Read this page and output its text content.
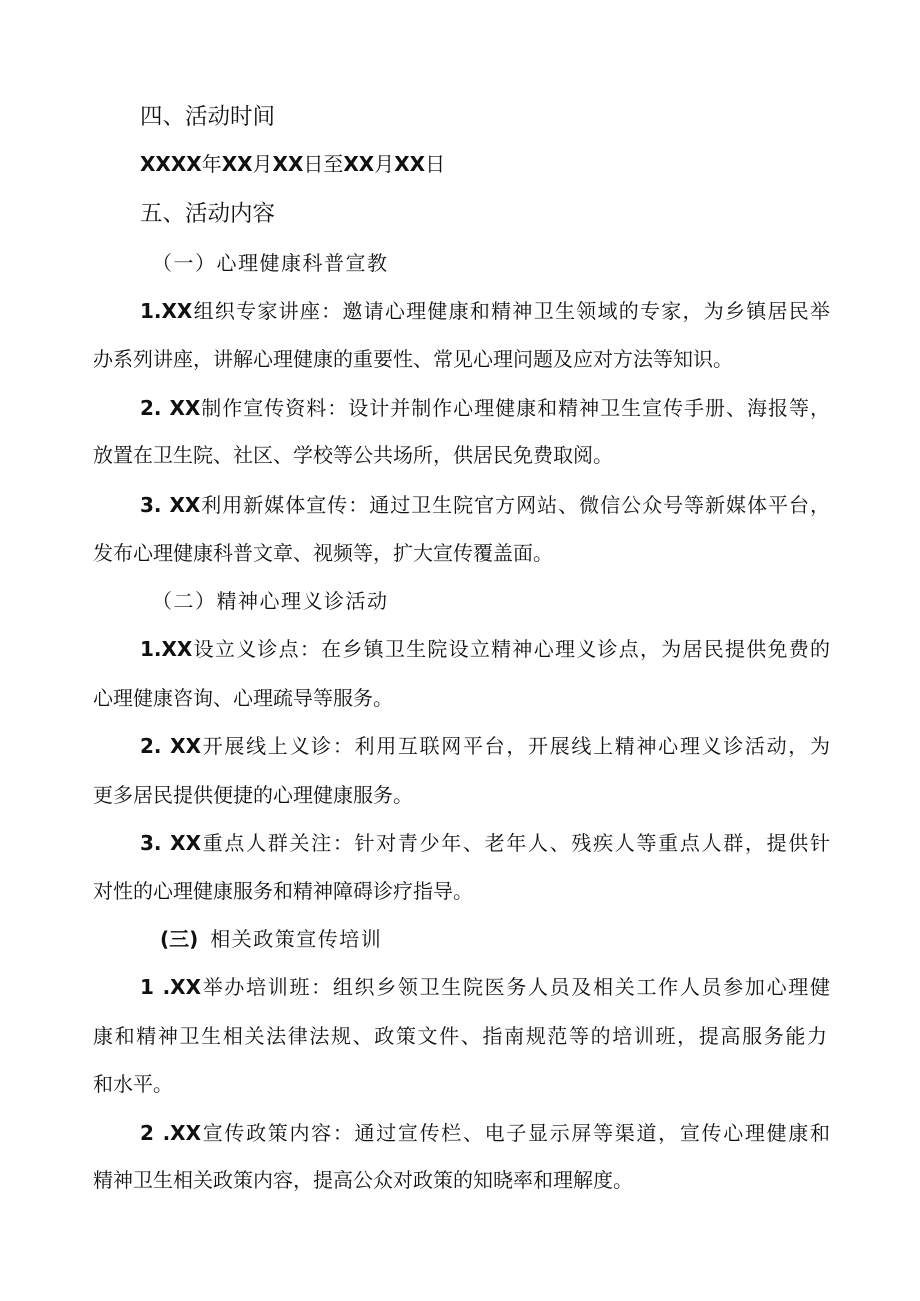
四、活动时间
XXXX年XX月XX日至XX月XX日
五、活动内容
（一）心理健康科普宣教
1.XX组织专家讲座：邀请心理健康和精神卫生领域的专家，为乡镇居民举
办系列讲座，讲解心理健康的重要性、常见心理问题及应对方法等知识。
2. XX制作宣传资料：设计并制作心理健康和精神卫生宣传手册、海报等，
放置在卫生院、社区、学校等公共场所，供居民免费取阅。
3. XX利用新媒体宣传：通过卫生院官方网站、微信公众号等新媒体平台，
发布心理健康科普文章、视频等，扩大宣传覆盖面。
（二）精神心理义诊活动
1.XX设立义诊点：在乡镇卫生院设立精神心理义诊点，为居民提供免费的
心理健康咨询、心理疏导等服务。
2. XX开展线上义诊：利用互联网平台，开展线上精神心理义诊活动，为
更多居民提供便捷的心理健康服务。
3. XX重点人群关注：针对青少年、老年人、残疾人等重点人群，提供针
对性的心理健康服务和精神障碍诊疗指导。
(三) 相关政策宣传培训
1 .XX举办培训班：组织乡领卫生院医务人员及相关工作人员参加心理健
康和精神卫生相关法律法规、政策文件、指南规范等的培训班，提高服务能力
和水平。
2 .XX宣传政策内容：通过宣传栏、电子显示屏等渠道，宣传心理健康和
精神卫生相关政策内容，提高公众对政策的知晓率和理解度。
